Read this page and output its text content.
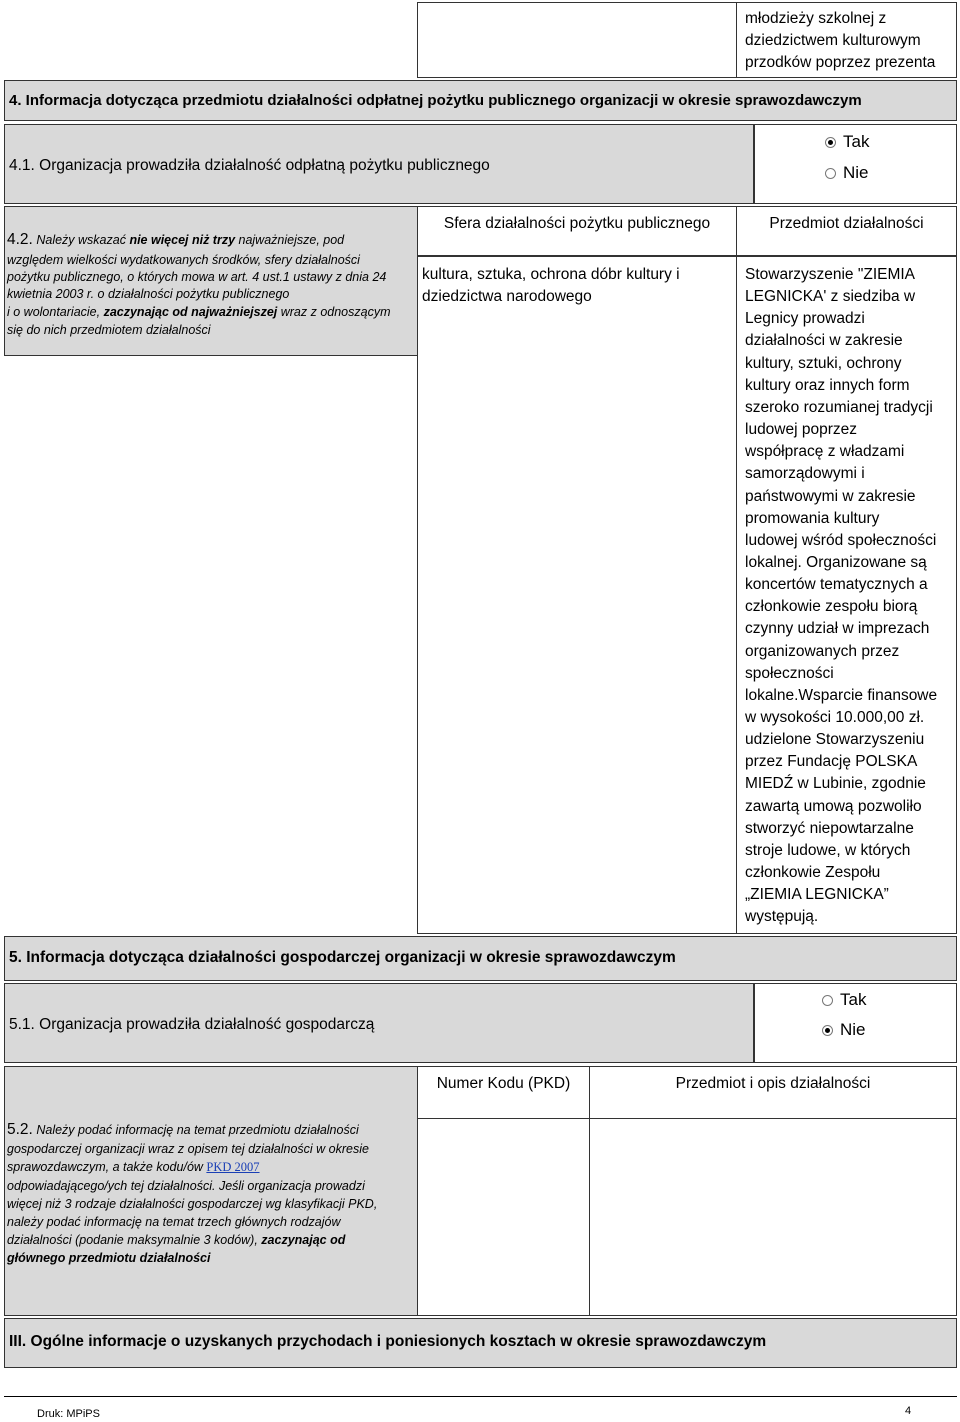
młodzieży szkolnej z
dziedzictwem kulturowym
przodków poprzez prezenta
4. Informacja dotycząca przedmiotu działalności odpłatnej pożytku publicznego organizacji w okresie sprawozdawczym
4.1. Organizacja prowadziła działalność odpłatną pożytku publicznego
Tak
Nie
4.2. Należy wskazać nie więcej niż trzy najważniejsze, pod
względem wielkości wydatkowanych środków, sfery działalności
pożytku publicznego, o których mowa w art. 4 ust.1 ustawy z dnia 24
kwietnia 2003 r. o działalności pożytku publicznego
i o wolontariacie, zaczynając od najważniejszej wraz z odnoszącym
się do nich przedmiotem działalności
Sfera działalności pożytku publicznego	Przedmiot działalności
kultura, sztuka, ochrona dóbr kultury i
dziedzictwa narodowego
Stowarzyszenie "ZIEMIA
LEGNICKA' z siedziba w
Legnicy prowadzi
działalności w zakresie
kultury, sztuki, ochrony
kultury oraz innych form
szeroko rozumianej tradycji
ludowej poprzez
współpracę z władzami
samorządowymi i
państwowymi w zakresie
promowania kultury
ludowej wśród społeczności
lokalnej. Organizowane są
koncertów tematycznych a
członkowie zespołu biorą
czynny udział w imprezach
organizowanych przez
społeczności
lokalne.Wsparcie finansowe
w wysokości 10.000,00 zł.
udzielone Stowarzyszeniu
przez Fundację POLSKA
MIEDŹ w Lubinie, zgodnie
zawartą umową pozwoliło
stworzyć niepowtarzalne
stroje ludowe, w których
członkowie Zespołu
„ZIEMIA LEGNICKA”
występują.
5. Informacja dotycząca działalności gospodarczej organizacji w okresie sprawozdawczym
5.1. Organizacja prowadziła działalność gospodarczą
Tak
Nie
5.2. Należy podać informację na temat przedmiotu działalności
gospodarczej organizacji wraz z opisem tej działalności w okresie
sprawozdawczym, a także kodu/ów PKD 2007
odpowiadającego/ych tej działalności. Jeśli organizacja prowadzi
więcej niż 3 rodzaje działalności gospodarczej wg klasyfikacji PKD,
należy podać informację na temat trzech głównych rodzajów
działalności (podanie maksymalnie 3 kodów), zaczynając od
głównego przedmiotu działalności
Numer Kodu (PKD)	Przedmiot i opis działalności
III. Ogólne informacje o uzyskanych przychodach i poniesionych kosztach w okresie sprawozdawczym
Druk: MPiPS	4
